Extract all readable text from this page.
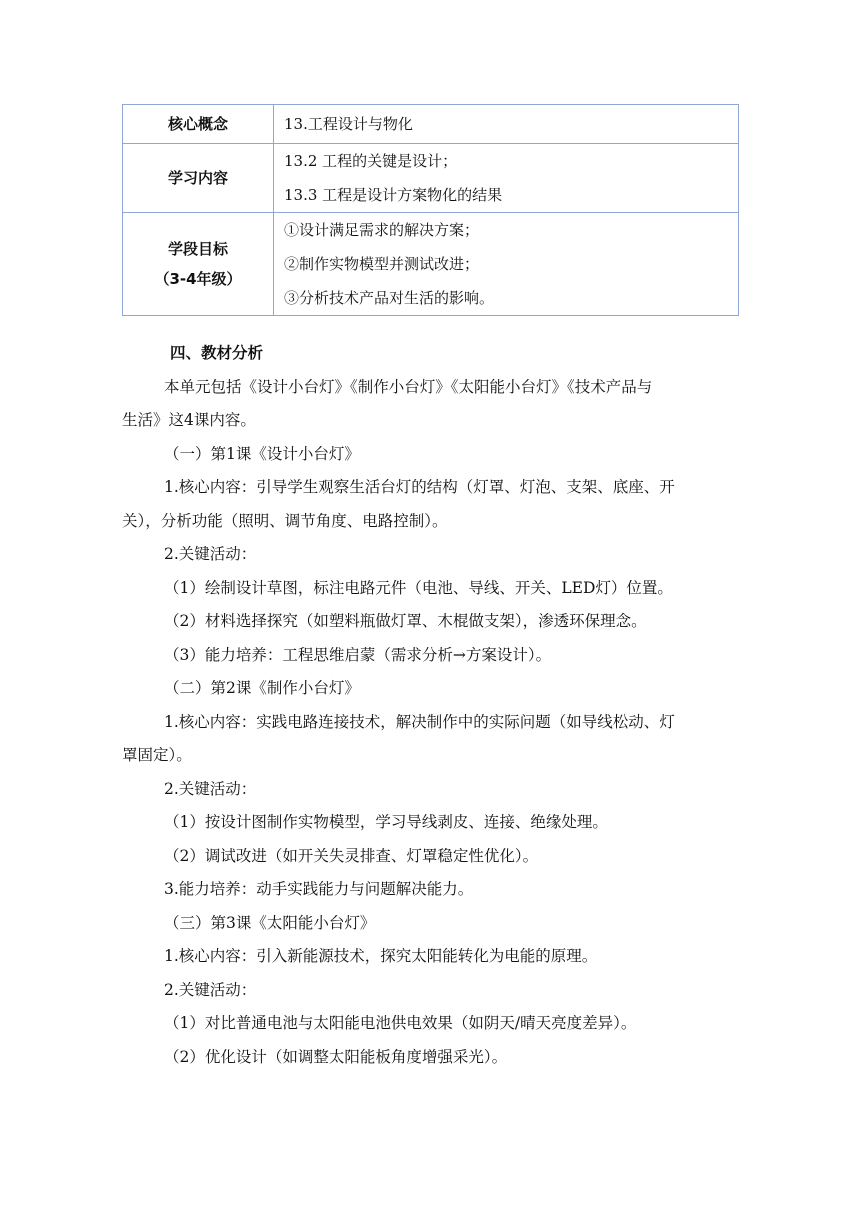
核心概念	13.工程设计与物化

学习内容	13.2 工程的关键是设计；
13.3 工程是设计方案物化的结果

学段目标
（3-4年级）	①设计满足需求的解决方案；
②制作实物模型并测试改进；
③分析技术产品对生活的影响。
四、教材分析
本单元包括《设计小台灯》《制作小台灯》《太阳能小台灯》《技术产品与
生活》这4课内容。
（一）第1课《设计小台灯》
1.核心内容：引导学生观察生活台灯的结构（灯罩、灯泡、支架、底座、开
关），分析功能（照明、调节角度、电路控制）。
2.关键活动：
（1）绘制设计草图，标注电路元件（电池、导线、开关、LED灯）位置。
（2）材料选择探究（如塑料瓶做灯罩、木棍做支架），渗透环保理念。
（3）能力培养：工程思维启蒙（需求分析→方案设计）。
（二）第2课《制作小台灯》
1.核心内容：实践电路连接技术，解决制作中的实际问题（如导线松动、灯
罩固定）。
2.关键活动：
（1）按设计图制作实物模型，学习导线剥皮、连接、绝缘处理。
（2）调试改进（如开关失灵排查、灯罩稳定性优化）。
3.能力培养：动手实践能力与问题解决能力。
（三）第3课《太阳能小台灯》
1.核心内容：引入新能源技术，探究太阳能转化为电能的原理。
2.关键活动：
（1）对比普通电池与太阳能电池供电效果（如阴天/晴天亮度差异）。
（2）优化设计（如调整太阳能板角度增强采光）。
